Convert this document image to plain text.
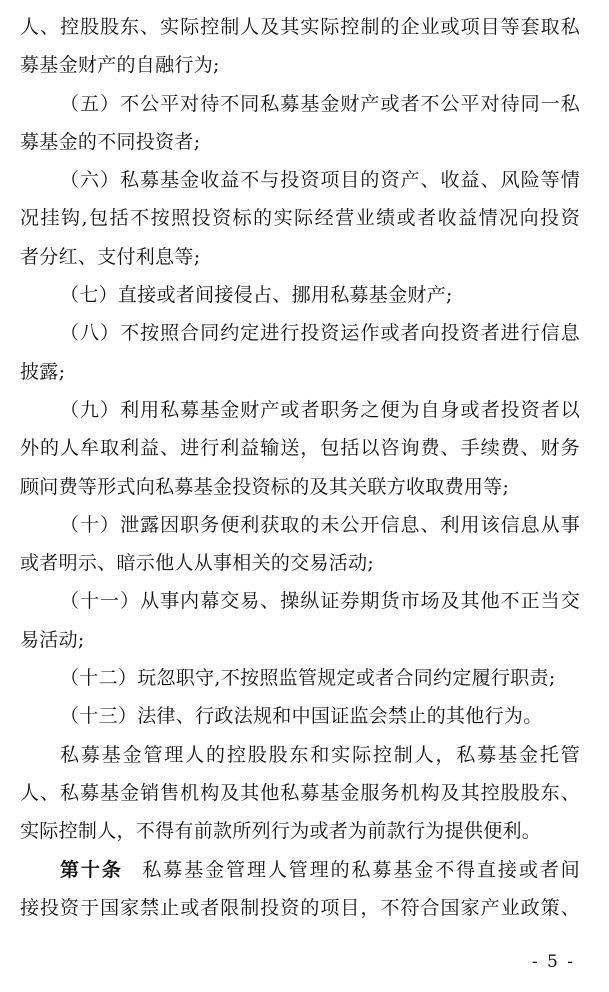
人、控股股东、实际控制人及其实际控制的企业或项目等套取私
募基金财产的自融行为;
（五）不公平对待不同私募基金财产或者不公平对待同一私
募基金的不同投资者;
（六）私募基金收益不与投资项目的资产、收益、风险等情
况挂钩,包括不按照投资标的实际经营业绩或者收益情况向投资
者分红、支付利息等;
（七）直接或者间接侵占、挪用私募基金财产;
（八）不按照合同约定进行投资运作或者向投资者进行信息
披露;
（九）利用私募基金财产或者职务之便为自身或者投资者以
外的人牟取利益、进行利益输送，包括以咨询费、手续费、财务
顾问费等形式向私募基金投资标的及其关联方收取费用等;
（十）泄露因职务便利获取的未公开信息、利用该信息从事
或者明示、暗示他人从事相关的交易活动;
（十一）从事内幕交易、操纵证券期货市场及其他不正当交
易活动;
（十二）玩忽职守,不按照监管规定或者合同约定履行职责;
（十三）法律、行政法规和中国证监会禁止的其他行为。
私募基金管理人的控股股东和实际控制人，私募基金托管
人、私募基金销售机构及其他私募基金服务机构及其控股股东、
实际控制人，不得有前款所列行为或者为前款行为提供便利。
第十条 私募基金管理人管理的私募基金不得直接或者间
接投资于国家禁止或者限制投资的项目，不符合国家产业政策、
- 5 -
